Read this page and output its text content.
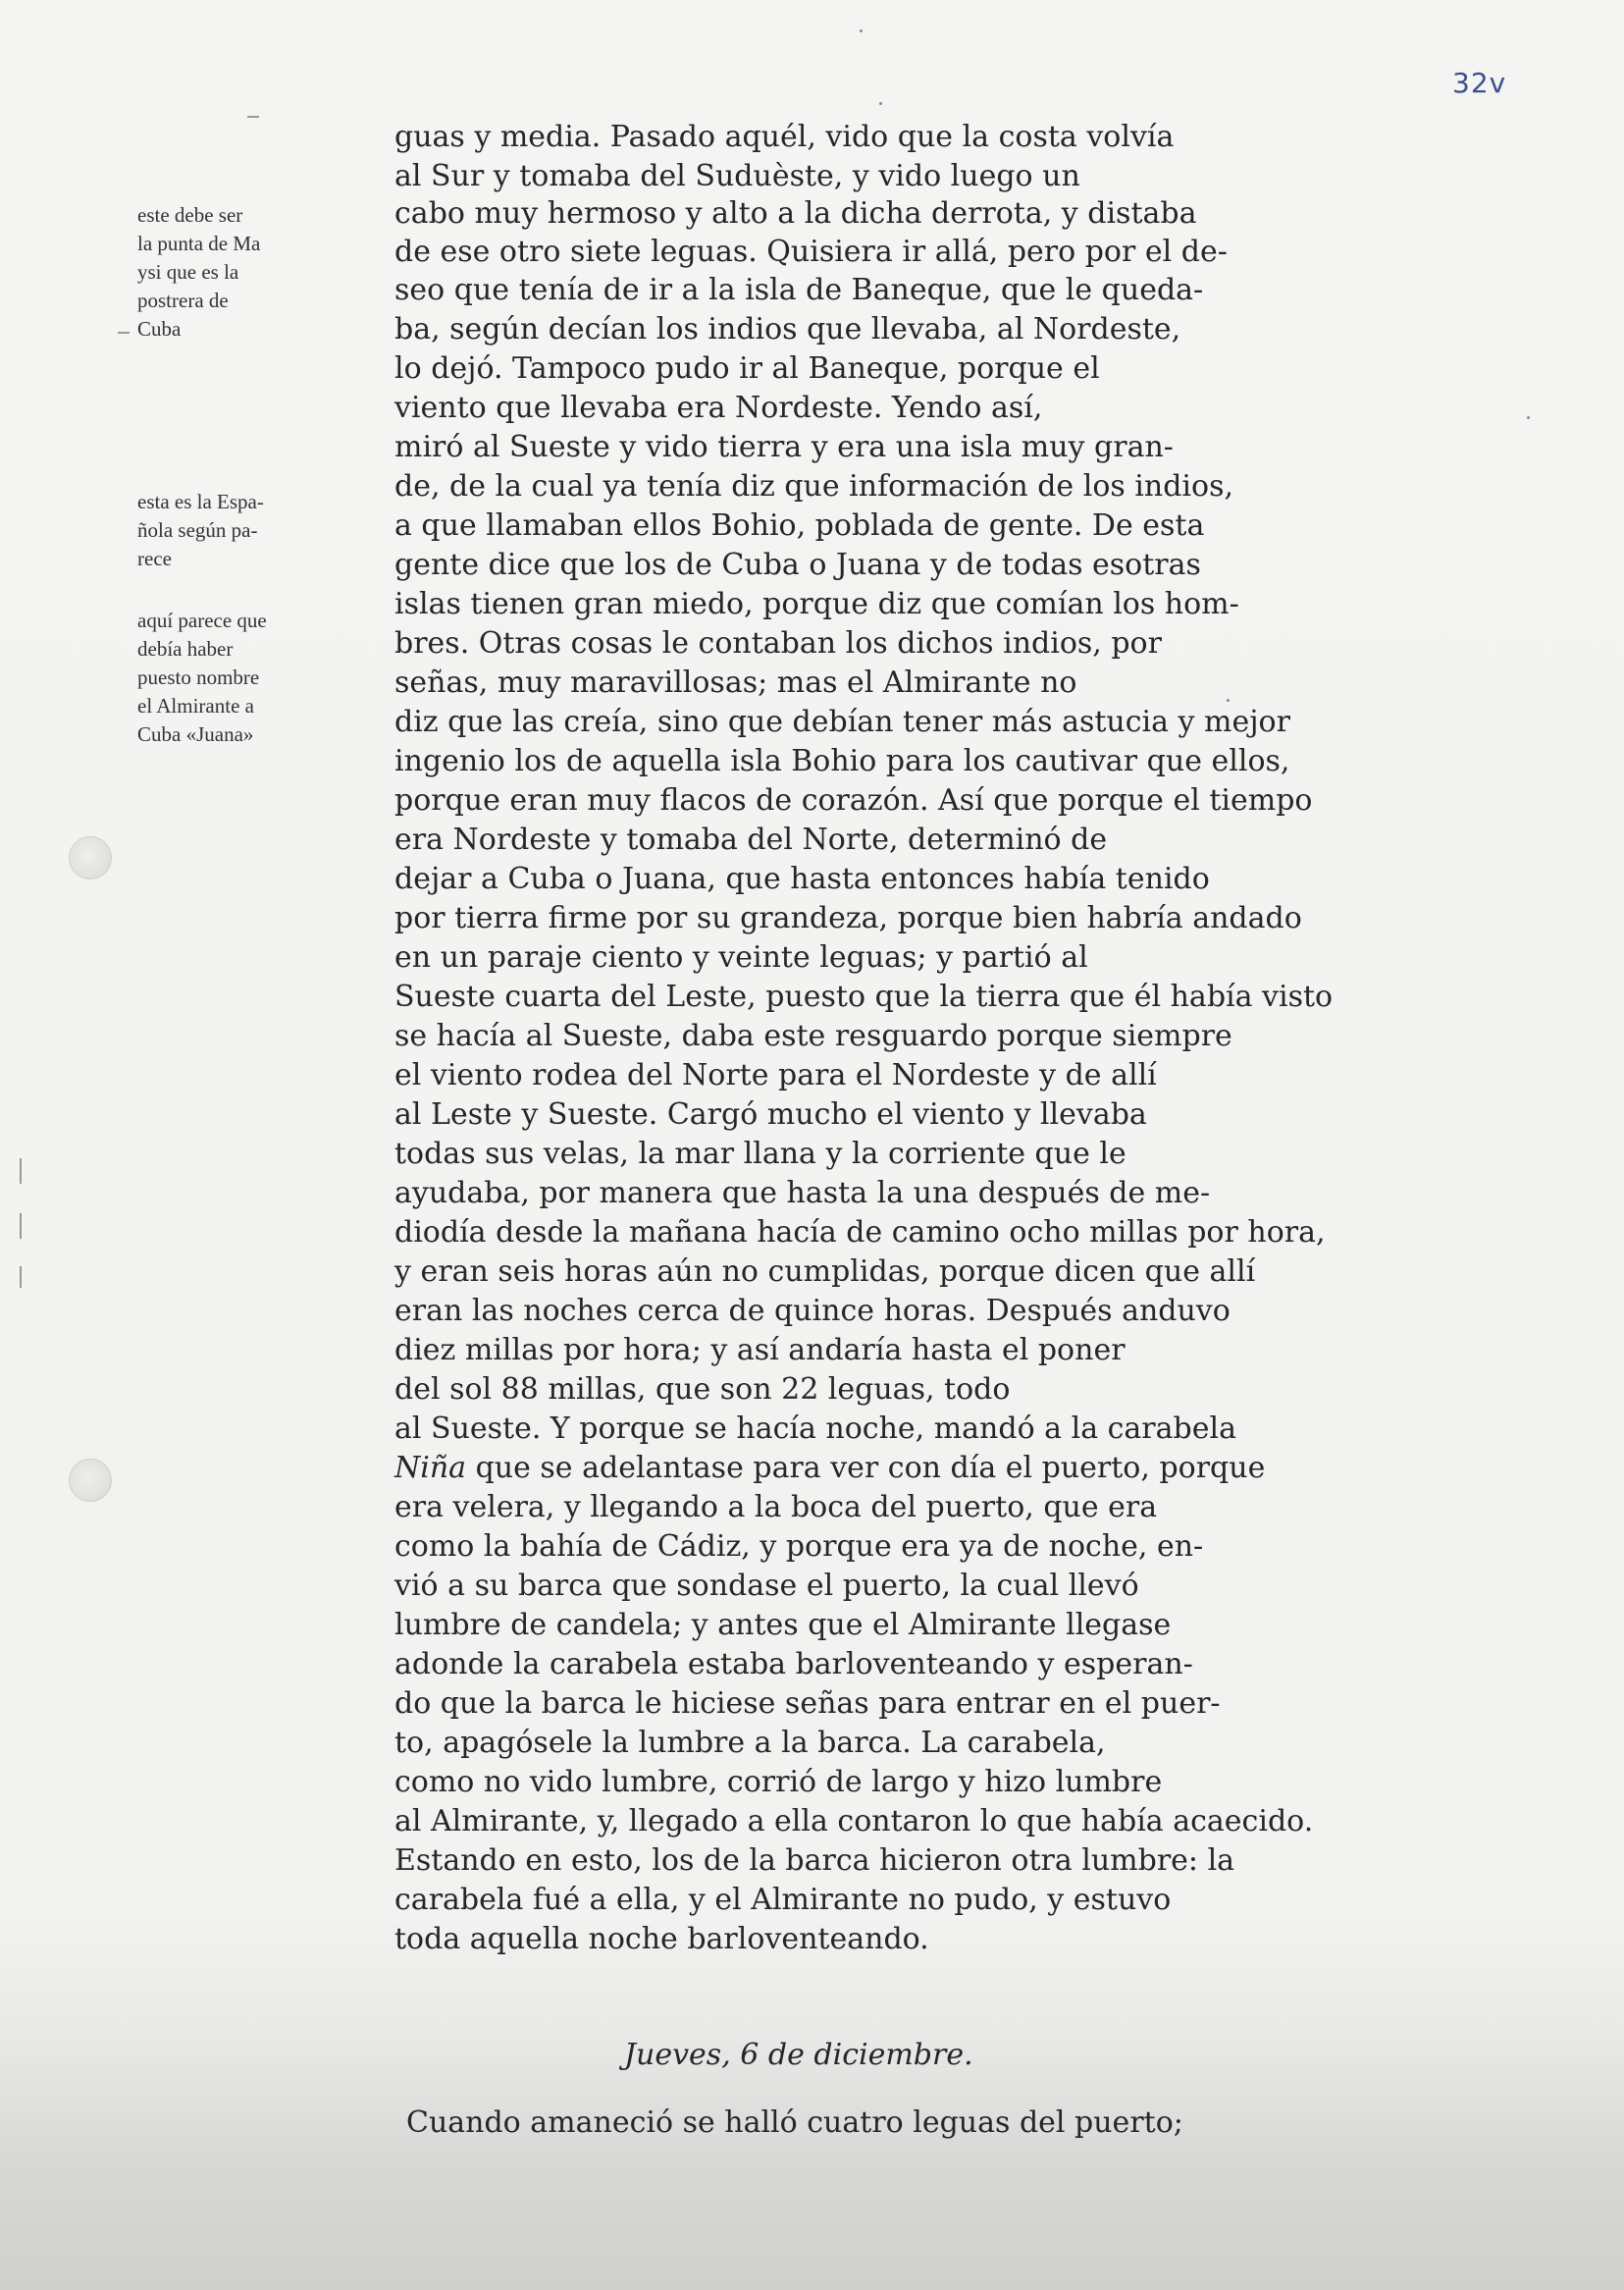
32v
este debe ser
la punta de Ma
ysi que es la
postrera de
Cuba
esta es la Espa-
ñola según pa-
rece
aquí parece que
debía haber
puesto nombre
el Almirante a
Cuba «Juana»
guas y media. Pasado aquél, vido que la costa volvía
al Sur y tomaba del Suduèste, y vido luego un
cabo muy hermoso y alto a la dicha derrota, y distaba
de ese otro siete leguas. Quisiera ir allá, pero por el de-
seo que tenía de ir a la isla de Baneque, que le queda-
ba, según decían los indios que llevaba, al Nordeste,
lo dejó. Tampoco pudo ir al Baneque, porque el
viento que llevaba era Nordeste. Yendo así,
miró al Sueste y vido tierra y era una isla muy gran-
de, de la cual ya tenía diz que información de los indios,
a que llamaban ellos Bohio, poblada de gente. De esta
gente dice que los de Cuba o Juana y de todas esotras
islas tienen gran miedo, porque diz que comían los hom-
bres. Otras cosas le contaban los dichos indios, por
señas, muy maravillosas; mas el Almirante no
diz que las creía, sino que debían tener más astucia y mejor
ingenio los de aquella isla Bohio para los cautivar que ellos,
porque eran muy flacos de corazón. Así que porque el tiempo
era Nordeste y tomaba del Norte, determinó de
dejar a Cuba o Juana, que hasta entonces había tenido
por tierra firme por su grandeza, porque bien habría andado
en un paraje ciento y veinte leguas; y partió al
Sueste cuarta del Leste, puesto que la tierra que él había visto
se hacía al Sueste, daba este resguardo porque siempre
el viento rodea del Norte para el Nordeste y de allí
al Leste y Sueste. Cargó mucho el viento y llevaba
todas sus velas, la mar llana y la corriente que le
ayudaba, por manera que hasta la una después de me-
diodía desde la mañana hacía de camino ocho millas por hora,
y eran seis horas aún no cumplidas, porque dicen que allí
eran las noches cerca de quince horas. Después anduvo
diez millas por hora; y así andaría hasta el poner
del sol 88 millas, que son 22 leguas, todo
al Sueste. Y porque se hacía noche, mandó a la carabela
Niña que se adelantase para ver con día el puerto, porque
era velera, y llegando a la boca del puerto, que era
como la bahía de Cádiz, y porque era ya de noche, en-
vió a su barca que sondase el puerto, la cual llevó
lumbre de candela; y antes que el Almirante llegase
adonde la carabela estaba barloventeando y esperan-
do que la barca le hiciese señas para entrar en el puer-
to, apagósele la lumbre a la barca. La carabela,
como no vido lumbre, corrió de largo y hizo lumbre
al Almirante, y, llegado a ella contaron lo que había acaecido.
Estando en esto, los de la barca hicieron otra lumbre: la
carabela fué a ella, y el Almirante no pudo, y estuvo
toda aquella noche barloventeando.
Jueves, 6 de diciembre.
Cuando amaneció se halló cuatro leguas del puerto;
